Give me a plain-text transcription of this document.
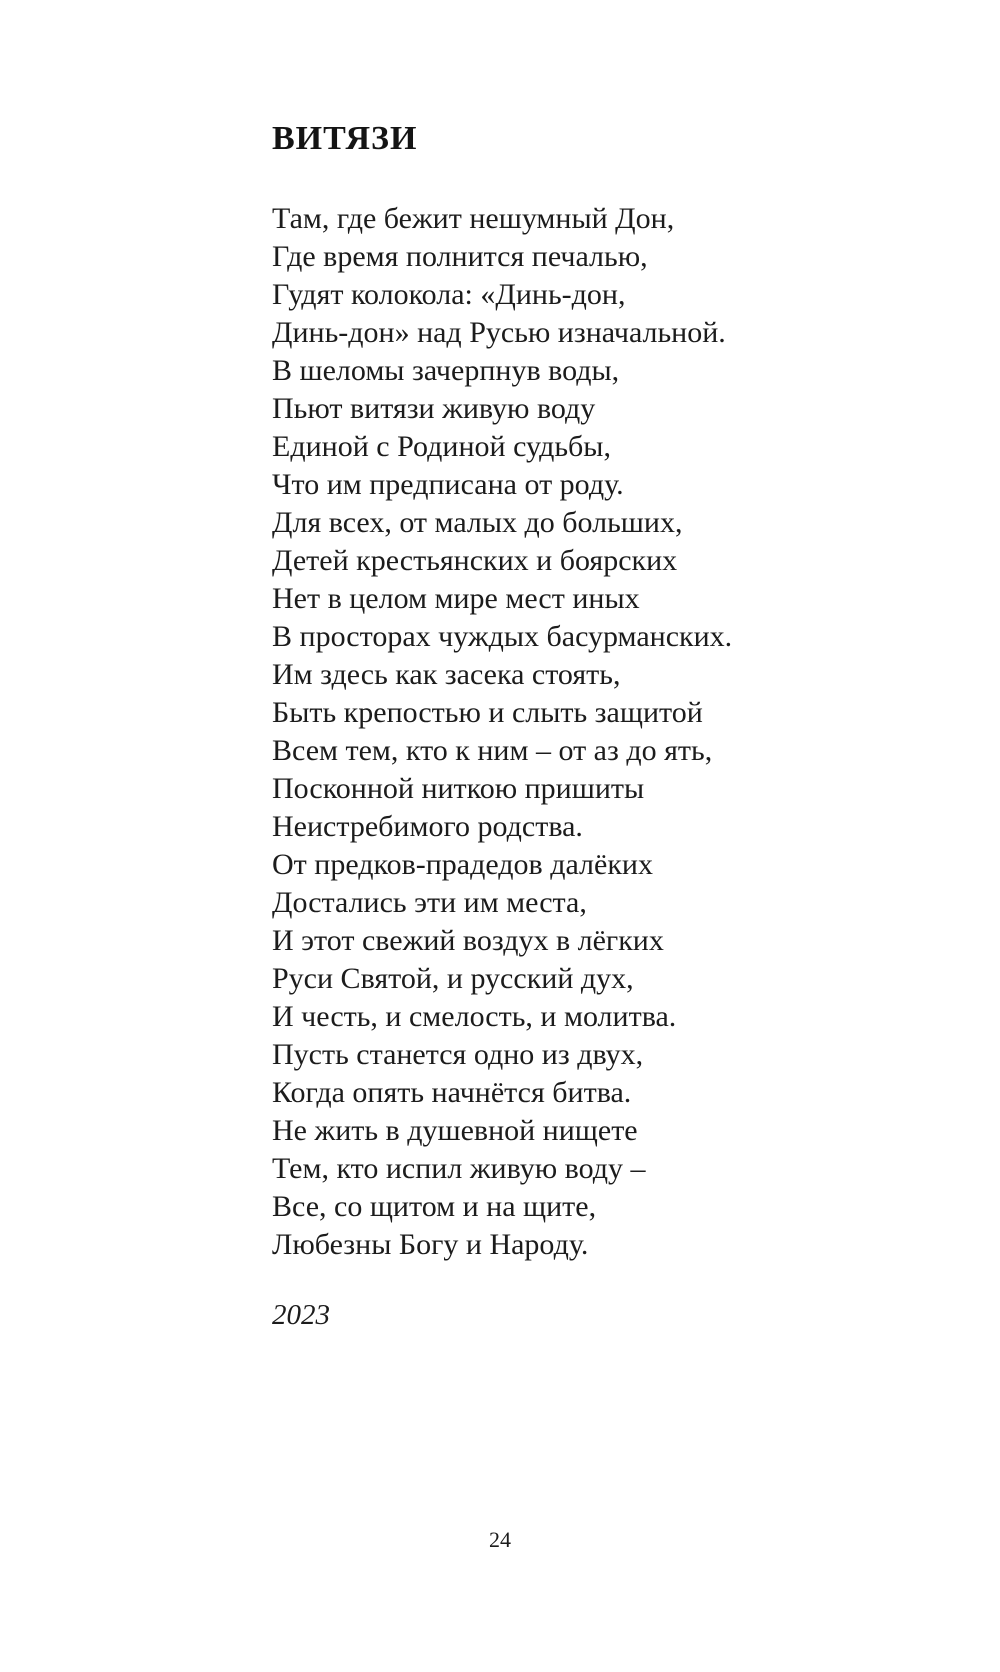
ВИТЯЗИ
Там, где бежит нешумный Дон,
Где время полнится печалью,
Гудят колокола: «Динь-дон,
Динь-дон» над Русью изначальной.
В шеломы зачерпнув воды,
Пьют витязи живую воду
Единой с Родиной судьбы,
Что им предписана от роду.
Для всех, от малых до больших,
Детей крестьянских и боярских
Нет в целом мире мест иных
В просторах чуждых басурманских.
Им здесь как засека стоять,
Быть крепостью и слыть защитой
Всем тем, кто к ним – от аз до ять,
Посконной ниткою пришиты
Неистребимого родства.
От предков-прадедов далёких
Достались эти им места,
И этот свежий воздух в лёгких
Руси Святой, и русский дух,
И честь, и смелость, и молитва.
Пусть станется одно из двух,
Когда опять начнётся битва.
Не жить в душевной нищете
Тем, кто испил живую воду –
Все, со щитом и на щите,
Любезны Богу и Народу.

2023

24
